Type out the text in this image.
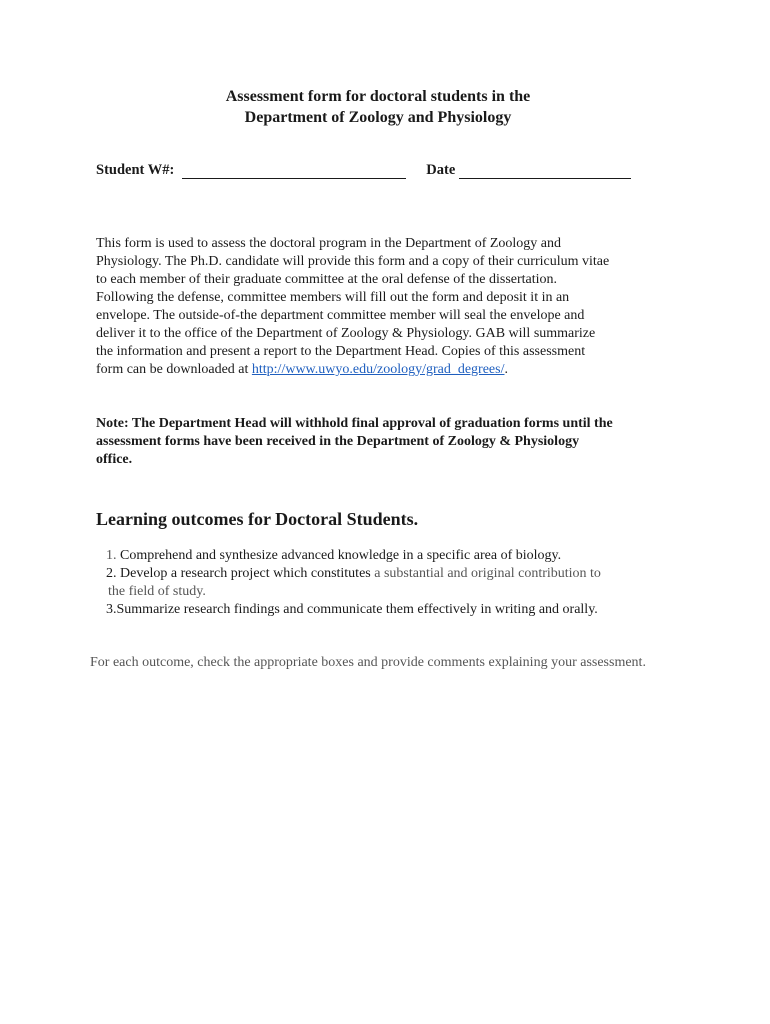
Assessment form for doctoral students in the
Department of Zoology and Physiology
Student W#:	Date
This form is used to assess the doctoral program in the Department of Zoology and
Physiology. The Ph.D. candidate will provide this form and a copy of their curriculum vitae
to each member of their graduate committee at the oral defense of the dissertation.
Following the defense, committee members will fill out the form and deposit it in an
envelope. The outside-of-the department committee member will seal the envelope and
deliver it to the office of the Department of Zoology & Physiology. GAB will summarize
the information and present a report to the Department Head. Copies of this assessment
form can be downloaded at http://www.uwyo.edu/zoology/grad_degrees/.
Note: The Department Head will withhold final approval of graduation forms until the
assessment forms have been received in the Department of Zoology & Physiology
office.
Learning outcomes for Doctoral Students.
1. Comprehend and synthesize advanced knowledge in a specific area of biology.
2. Develop a research project which constitutes a substantial and original contribution to
the field of study.
3.Summarize research findings and communicate them effectively in writing and orally.
For each outcome, check the appropriate boxes and provide comments explaining your assessment.
